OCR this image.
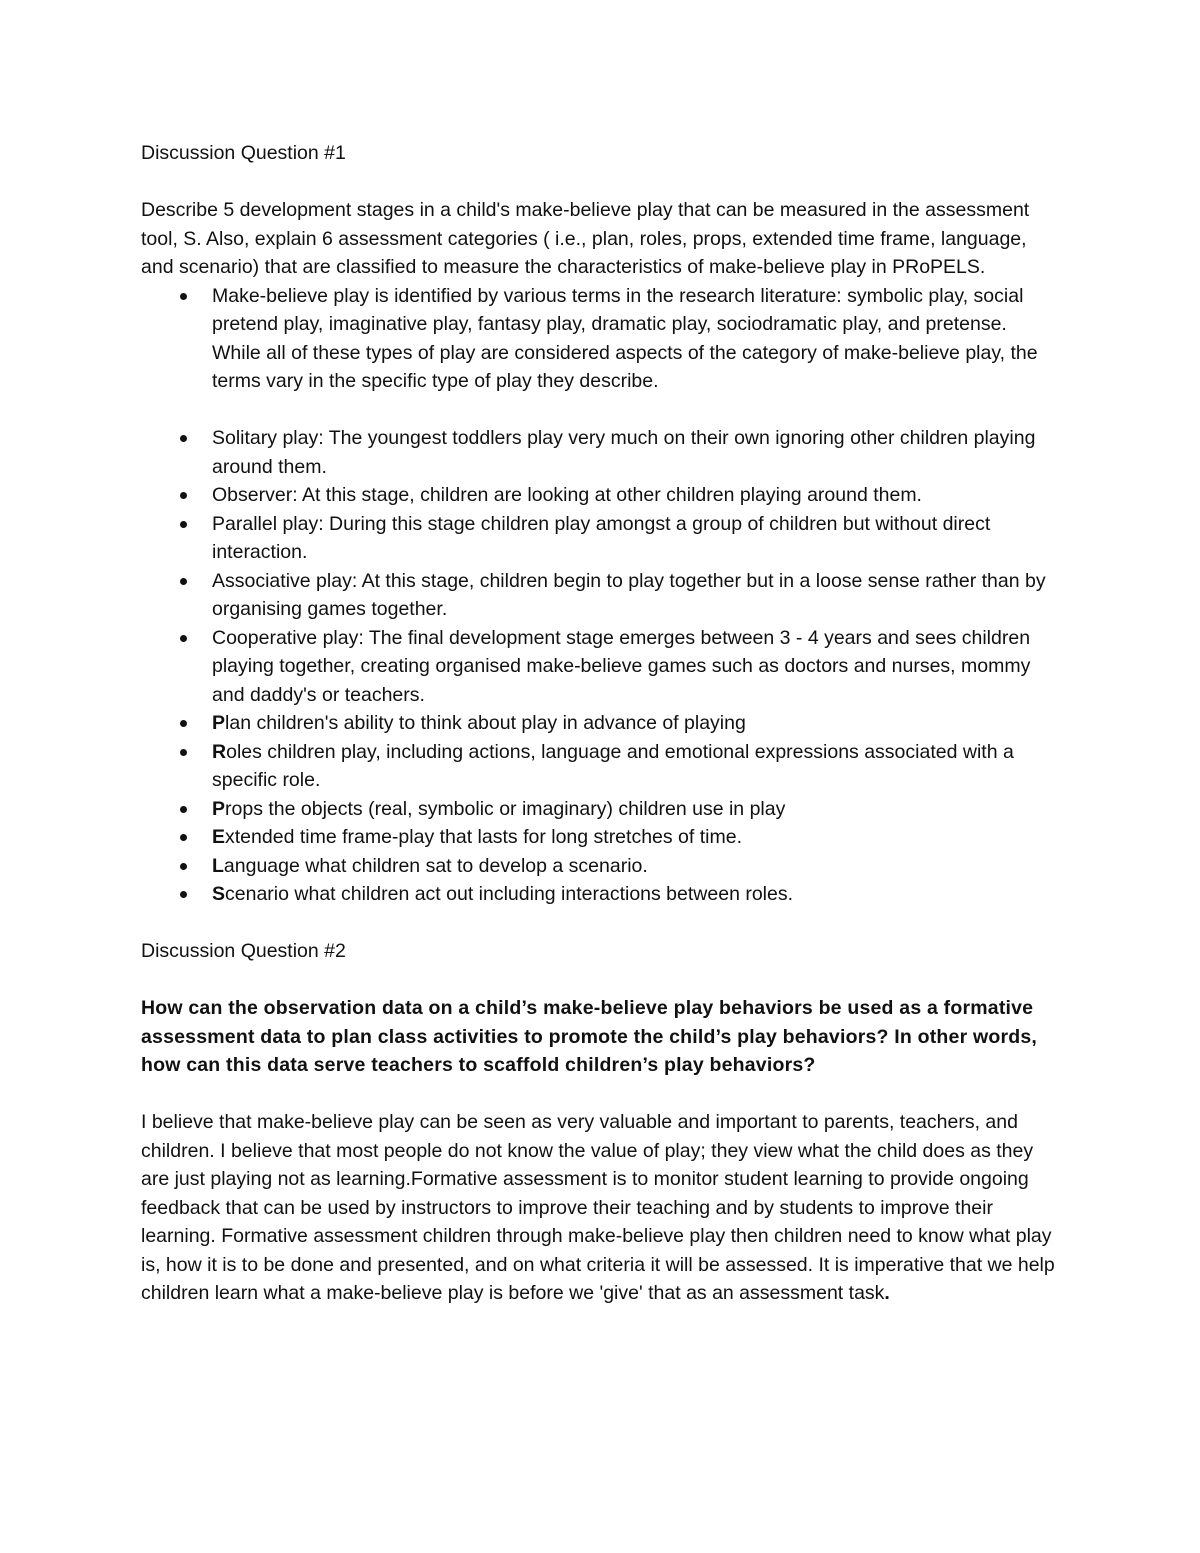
Discussion Question #1

Describe 5 development stages in a child's make-believe play that can be measured in the assessment tool, S. Also, explain 6 assessment categories ( i.e., plan, roles, props, extended time frame, language, and scenario) that are classified to measure the characteristics of make-believe play in PRoPELS.

Make-believe play is identified by various terms in the research literature: symbolic play, social pretend play, imaginative play, fantasy play, dramatic play, sociodramatic play, and pretense. While all of these types of play are considered aspects of the category of make-believe play, the terms vary in the specific type of play they describe.
Solitary play: The youngest toddlers play very much on their own ignoring other children playing around them.
Observer: At this stage, children are looking at other children playing around them.
Parallel play: During this stage children play amongst a group of children but without direct interaction.
Associative play: At this stage, children begin to play together but in a loose sense rather than by organising games together.
Cooperative play: The final development stage emerges between 3 - 4 years and sees children playing together, creating organised make-believe games such as doctors and nurses, mommy and daddy's or teachers.
Plan children's ability to think about play in advance of playing
Roles children play, including actions, language and emotional expressions associated with a specific role.
Props the objects (real, symbolic or imaginary) children use in play
Extended time frame-play that lasts for long stretches of time.
Language what children sat to develop a scenario.
Scenario what children act out including interactions between roles.
Discussion Question #2

How can the observation data on a child’s make-believe play behaviors be used as a formative assessment data to plan class activities to promote the child’s play behaviors? In other words, how can this data serve teachers to scaffold children’s play behaviors?

I believe that make-believe play can be seen as very valuable and important to parents, teachers, and children. I believe that most people do not know the value of play; they view what the child does as they are just playing not as learning.Formative assessment is to monitor student learning to provide ongoing feedback that can be used by instructors to improve their teaching and by students to improve their learning. Formative assessment children through make-believe play then children need to know what play is, how it is to be done and presented, and on what criteria it will be assessed. It is imperative that we help children learn what a make-believe play is before we 'give' that as an assessment task.
